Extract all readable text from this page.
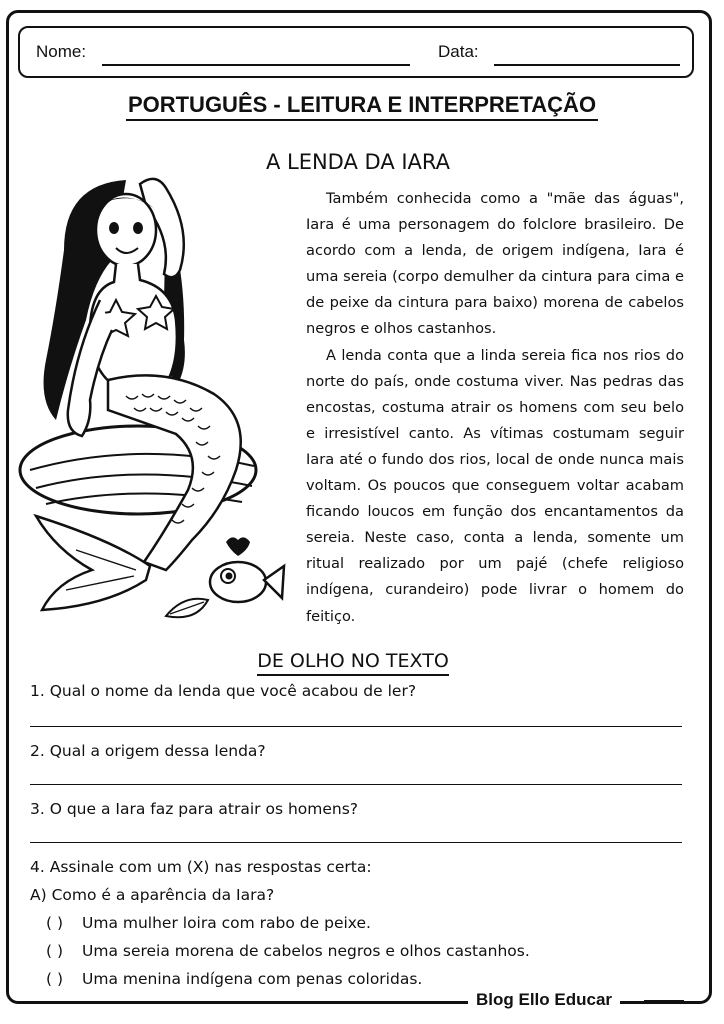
Nome:	Data:
PORTUGUÊS - LEITURA E INTERPRETAÇÃO
A LENDA DA IARA

Também conhecida como a "mãe das águas", Iara é uma personagem do folclore brasileiro. De acordo com a lenda, de origem indígena, Iara é uma sereia (corpo demulher da cintura para cima e de peixe da cintura para baixo) morena de cabelos negros e olhos castanhos.

A lenda conta que a linda sereia fica nos rios do norte do país, onde costuma viver. Nas pedras das encostas, costuma atrair os homens com seu belo e irresistível canto. As vítimas costumam seguir Iara até o fundo dos rios, local de onde nunca mais voltam. Os poucos que conseguem voltar acabam ficando loucos em função dos encantamentos da sereia. Neste caso, conta a lenda, somente um ritual realizado por um pajé (chefe religioso indígena, curandeiro) pode livrar o homem do feitiço.

DE OLHO NO TEXTO
1. Qual o nome da lenda que você acabou de ler?
2. Qual a origem dessa lenda?
3. O que a Iara faz para atrair os homens?
4. Assinale com um (X) nas respostas certa:
A) Como é a aparência da Iara?
( ) Uma mulher loira com rabo de peixe.
( ) Uma sereia morena de cabelos negros e olhos castanhos.
( ) Uma menina indígena com penas coloridas.
Blog Ello Educar
